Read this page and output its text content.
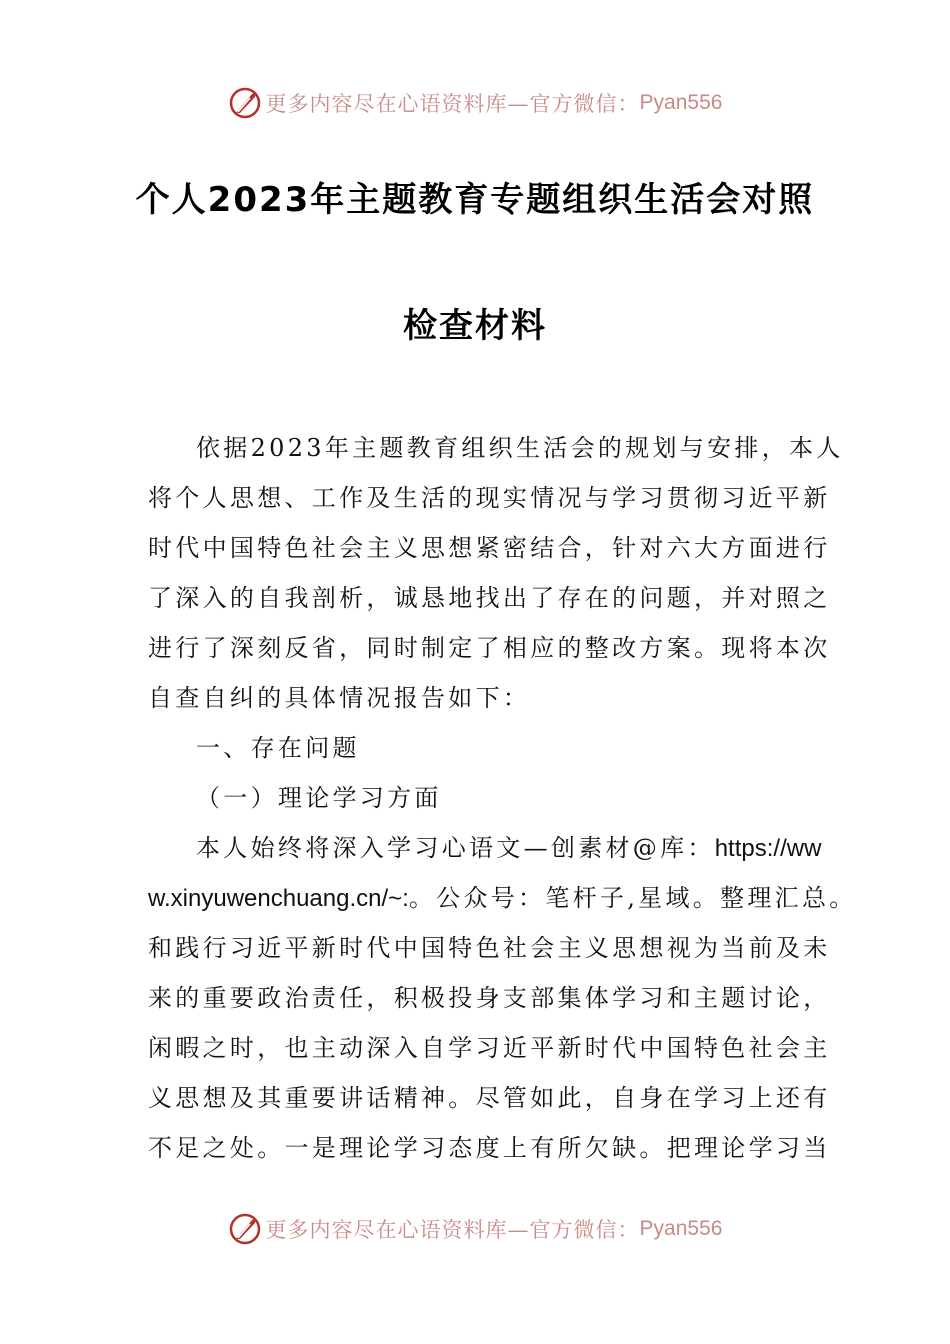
更多内容尽在心语资料库—官方微信： Pyan556
个人2023年主题教育专题组织生活会对照
检查材料
依据2023年主题教育组织生活会的规划与安排，本人
将个人思想、工作及生活的现实情况与学习贯彻习近平新
时代中国特色社会主义思想紧密结合，针对六大方面进行
了深入的自我剖析，诚恳地找出了存在的问题，并对照之
进行了深刻反省，同时制定了相应的整改方案。现将本次
自查自纠的具体情况报告如下：
一、存在问题
（一）理论学习方面
本人始终将深入学习心语文—创素材@库：https://ww
w.xinyuwenchuang.cn/~:。公众号：笔杆子,星域。整理汇总。
和践行习近平新时代中国特色社会主义思想视为当前及未
来的重要政治责任，积极投身支部集体学习和主题讨论，
闲暇之时，也主动深入自学习近平新时代中国特色社会主
义思想及其重要讲话精神。尽管如此，自身在学习上还有
不足之处。一是理论学习态度上有所欠缺。把理论学习当
更多内容尽在心语资料库—官方微信： Pyan556
